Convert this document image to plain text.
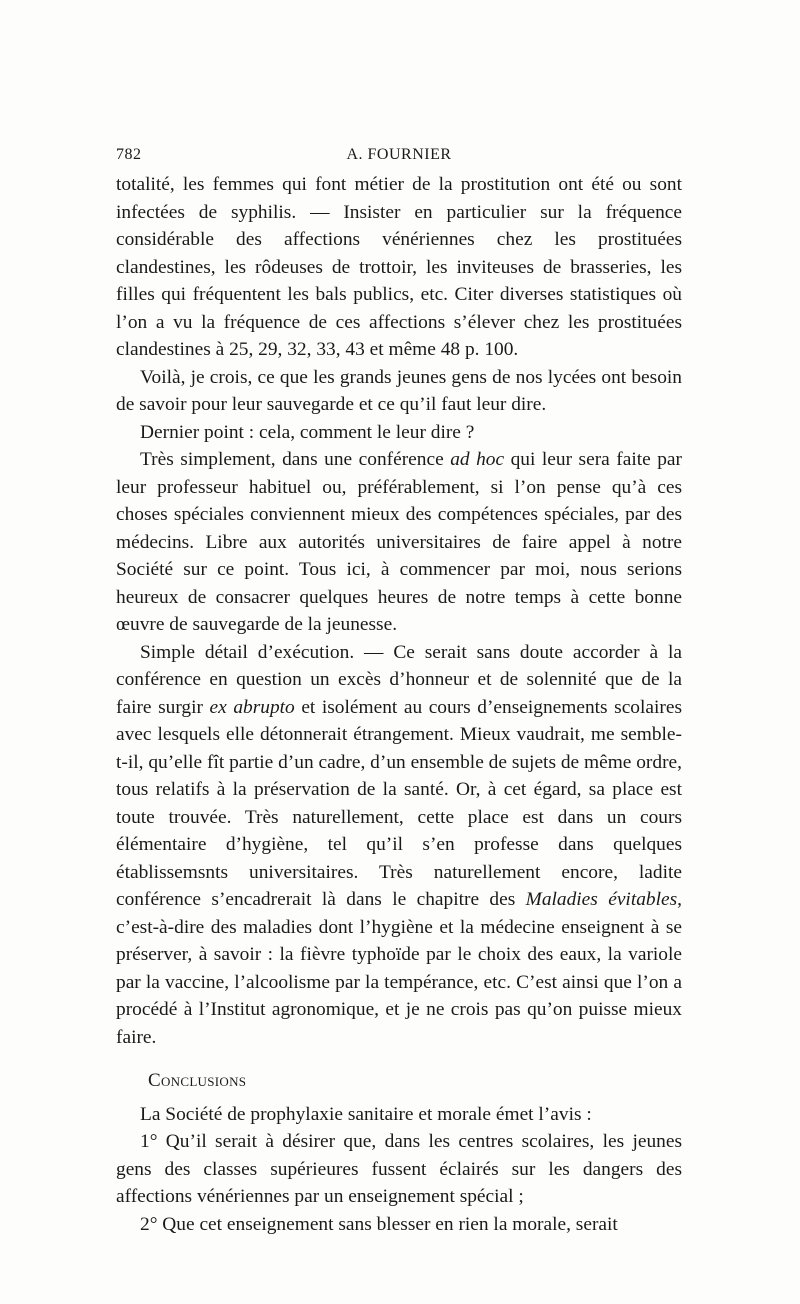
782	A. FOURNIER

totalité, les femmes qui font métier de la prostitution ont été ou sont infectées de syphilis. — Insister en particulier sur la fréquence considérable des affections vénériennes chez les prostituées clandestines, les rôdeuses de trottoir, les inviteuses de brasseries, les filles qui fréquentent les bals publics, etc. Citer diverses statistiques où l’on a vu la fréquence de ces affections s’élever chez les prostituées clandestines à 25, 29, 32, 33, 43 et même 48 p. 100.

Voilà, je crois, ce que les grands jeunes gens de nos lycées ont besoin de savoir pour leur sauvegarde et ce qu’il faut leur dire.

Dernier point : cela, comment le leur dire ?

Très simplement, dans une conférence ad hoc qui leur sera faite par leur professeur habituel ou, préférablement, si l’on pense qu’à ces choses spéciales conviennent mieux des compétences spéciales, par des médecins. Libre aux autorités universitaires de faire appel à notre Société sur ce point. Tous ici, à commencer par moi, nous serions heureux de consacrer quelques heures de notre temps à cette bonne œuvre de sauvegarde de la jeunesse.

Simple détail d’exécution. — Ce serait sans doute accorder à la conférence en question un excès d’honneur et de solennité que de la faire surgir ex abrupto et isolément au cours d’enseignements scolaires avec lesquels elle détonnerait étrangement. Mieux vaudrait, me semble-t-il, qu’elle fît partie d’un cadre, d’un ensemble de sujets de même ordre, tous relatifs à la préservation de la santé. Or, à cet égard, sa place est toute trouvée. Très naturellement, cette place est dans un cours élémentaire d’hygiène, tel qu’il s’en professe dans quelques établissemsnts universitaires. Très naturellement encore, ladite conférence s’encadrerait là dans le chapitre des Maladies évitables, c’est-à-dire des maladies dont l’hygiène et la médecine enseignent à se préserver, à savoir : la fièvre typhoïde par le choix des eaux, la variole par la vaccine, l’alcoolisme par la tempérance, etc. C’est ainsi que l’on a procédé à l’Institut agronomique, et je ne crois pas qu’on puisse mieux faire.

Conclusions

La Société de prophylaxie sanitaire et morale émet l’avis :

1° Qu’il serait à désirer que, dans les centres scolaires, les jeunes gens des classes supérieures fussent éclairés sur les dangers des affections vénériennes par un enseignement spécial ;

2° Que cet enseignement sans blesser en rien la morale, serait
